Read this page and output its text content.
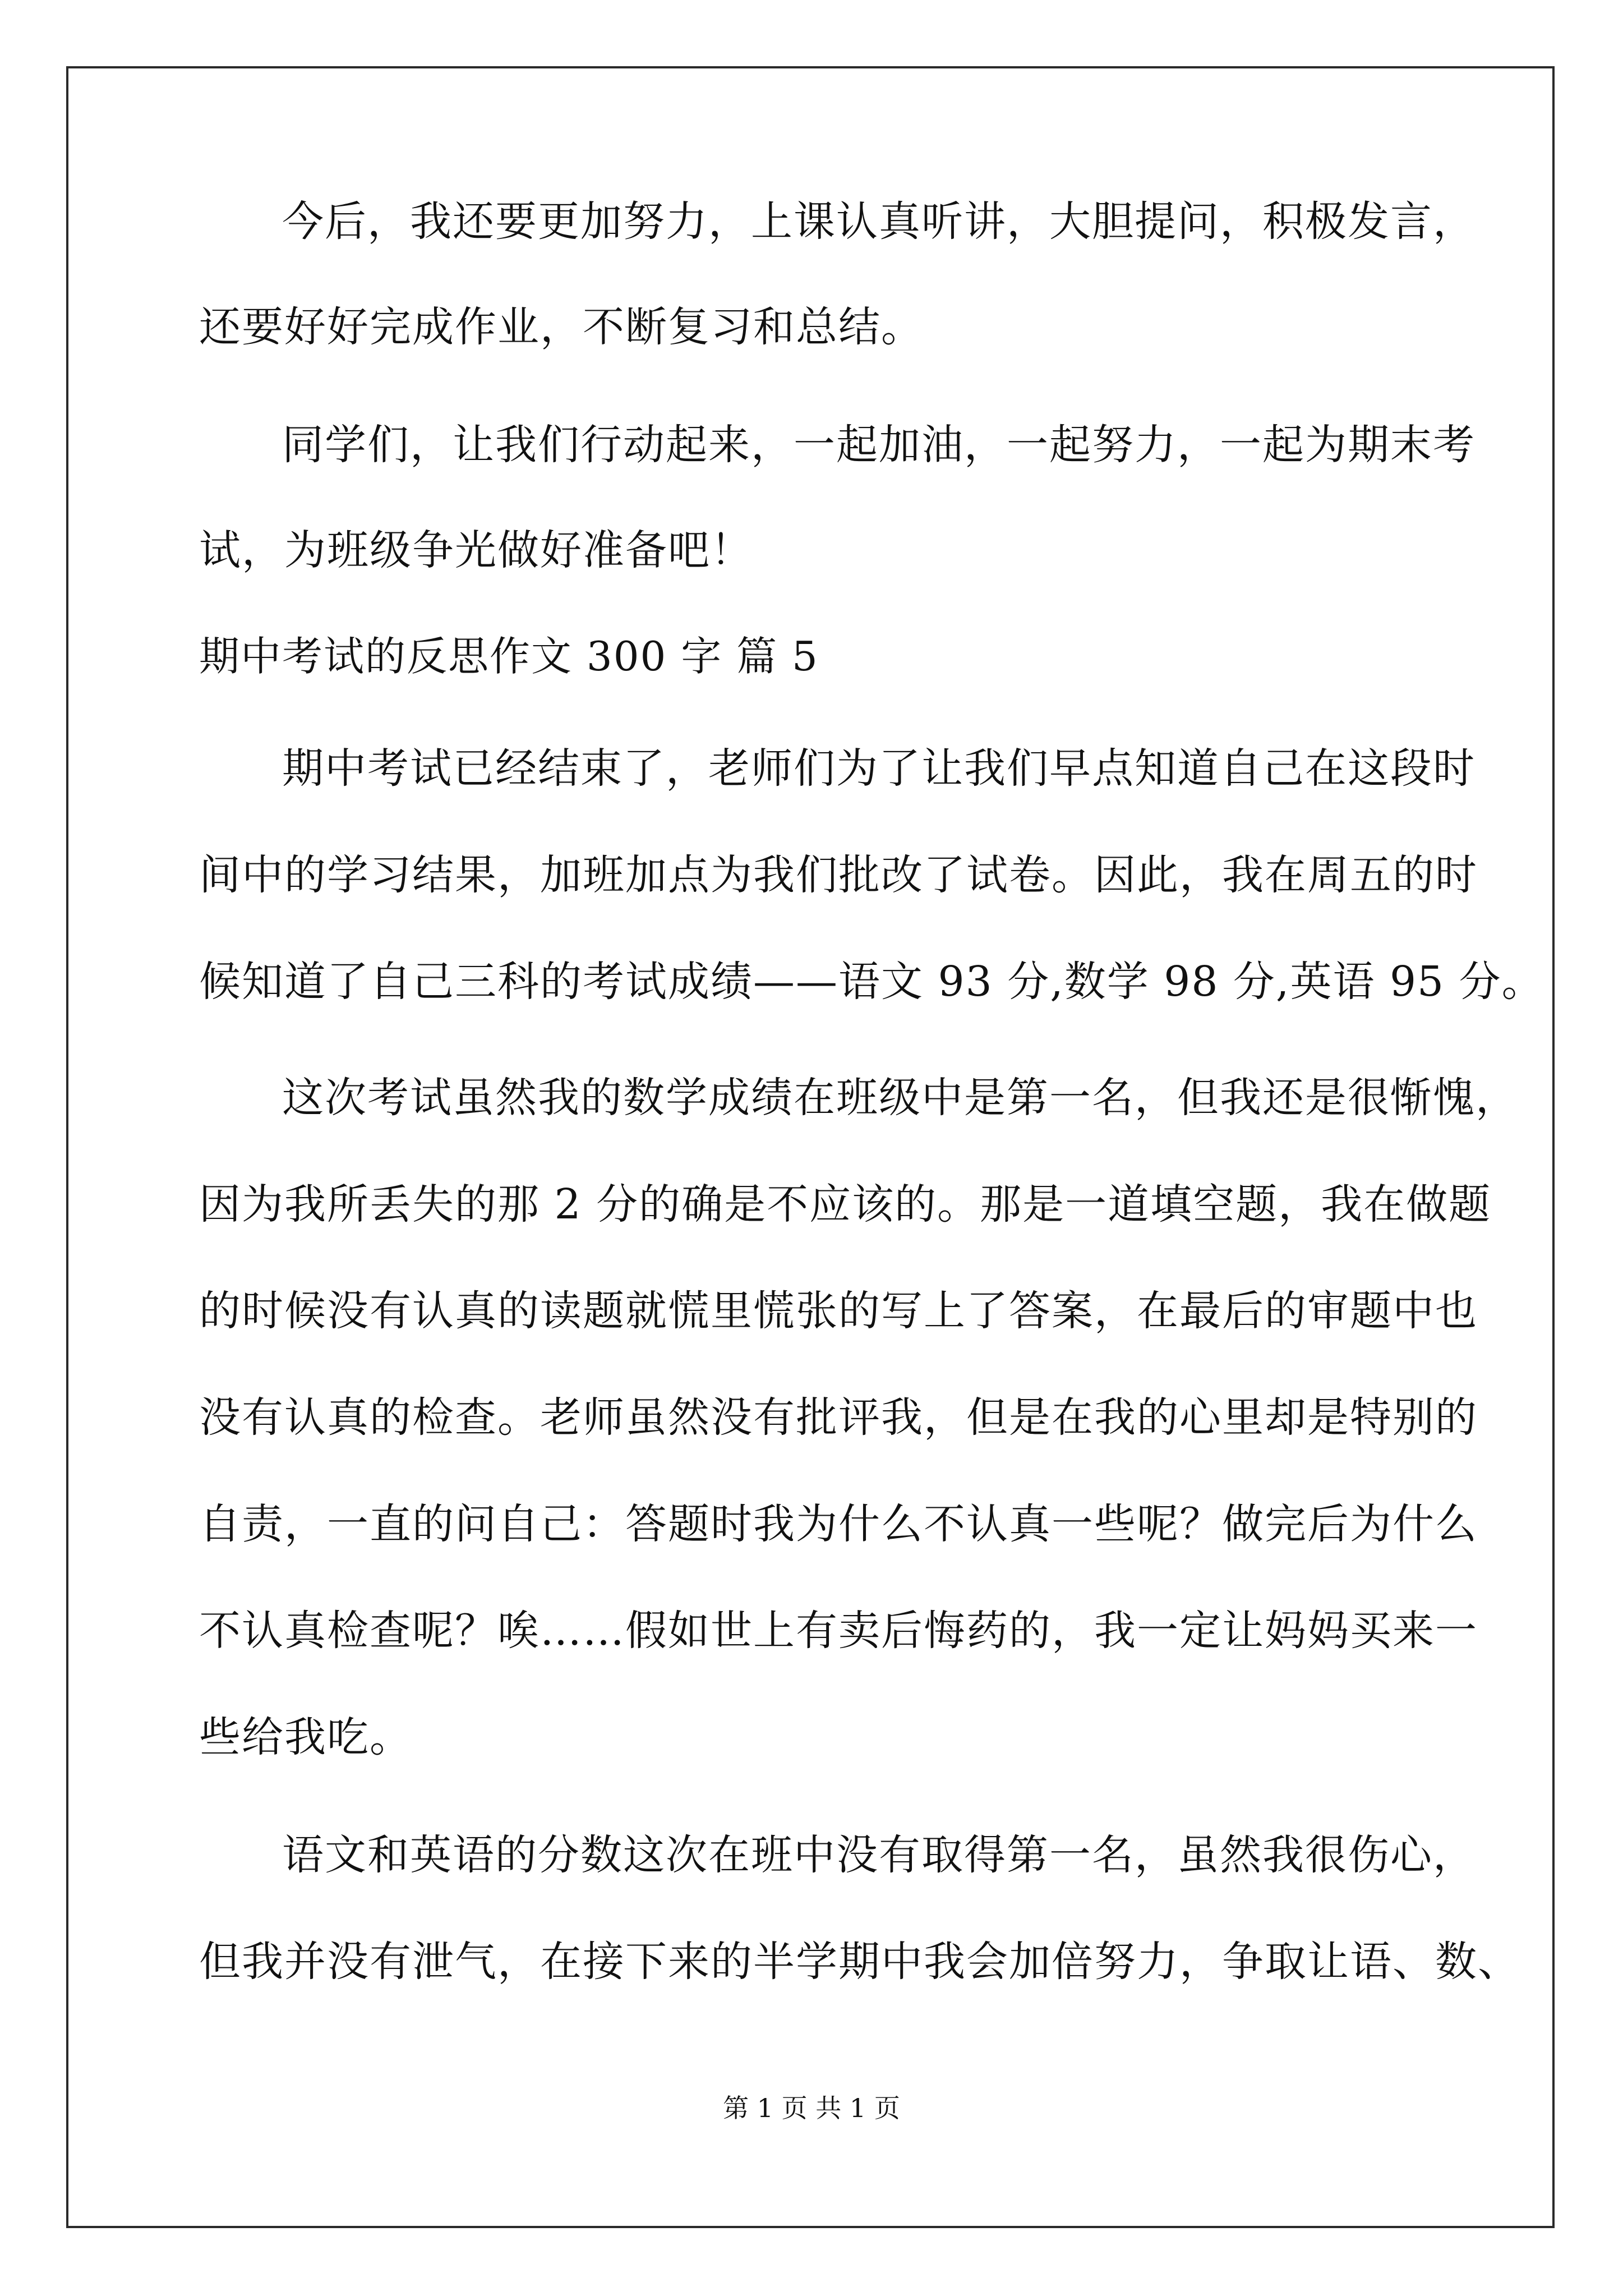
今后，我还要更加努力，上课认真听讲，大胆提问，积极发言，
还要好好完成作业，不断复习和总结。
同学们，让我们行动起来，一起加油，一起努力，一起为期末考
试，为班级争光做好准备吧！
期中考试的反思作文 300 字 篇 5
期中考试已经结束了，老师们为了让我们早点知道自己在这段时
间中的学习结果，加班加点为我们批改了试卷。因此，我在周五的时
候知道了自己三科的考试成绩——语文 93 分,数学 98 分,英语 95 分。
这次考试虽然我的数学成绩在班级中是第一名，但我还是很惭愧，
因为我所丢失的那 2 分的确是不应该的。那是一道填空题，我在做题
的时候没有认真的读题就慌里慌张的写上了答案，在最后的审题中也
没有认真的检查。老师虽然没有批评我，但是在我的心里却是特别的
自责，一直的问自己：答题时我为什么不认真一些呢？做完后为什么
不认真检查呢？唉……假如世上有卖后悔药的，我一定让妈妈买来一
些给我吃。
语文和英语的分数这次在班中没有取得第一名，虽然我很伤心，
但我并没有泄气，在接下来的半学期中我会加倍努力，争取让语、数、
第 1 页 共 1 页
